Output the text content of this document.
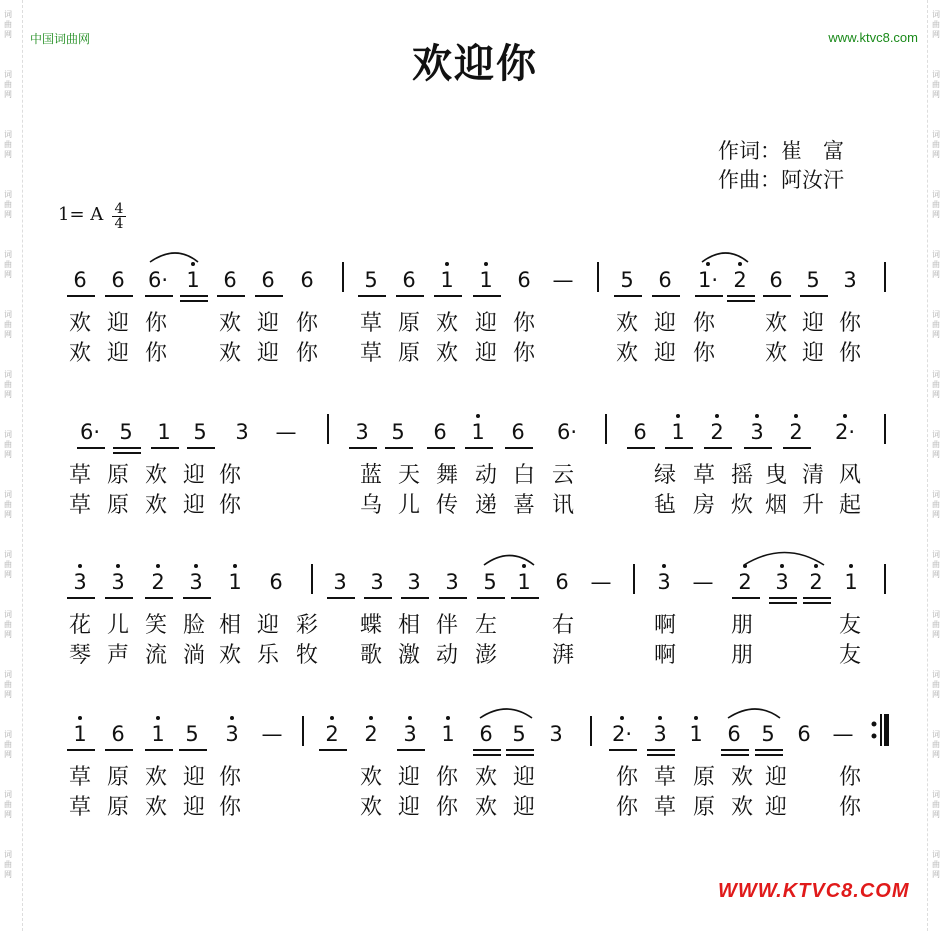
词
曲
网
词
曲
网
词
曲
网
词
曲
网
词
曲
网
词
曲
网
词
曲
网
词
曲
网
词
曲
网
词
曲
网
词
曲
网
词
曲
网
词
曲
网
词
曲
网
词
曲
网
词
曲
网
词
曲
网
词
曲
网
词
曲
网
词
曲
网
词
曲
网
词
曲
网
词
曲
网
词
曲
网
词
曲
网
词
曲
网
词
曲
网
词
曲
网
词
曲
网
词
曲
网
中国词曲网	www.ktvc8.com
欢迎你
作词：崔　富
作曲：阿汝汗
1= A $\frac{4}{4}$
6 6 6· 1 6 6 6 5 6 1 1 6 — 5 6 1· 2 6 5 3
欢 迎 你 欢 迎 你 草 原 欢 迎 你	欢 迎 你 欢 迎 你
欢 迎 你 欢 迎 你 草 原 欢 迎 你	欢 迎 你 欢 迎 你
6· 5 1 5 3 —	3 5 6 1 6 6·	6 1 2 3 2 2·
草 原 欢 迎 你	蓝 天 舞 动 白 云	绿 草 摇 曳 清 风
草 原 欢 迎 你	乌 儿 传 递 喜 讯	毡 房 炊 烟 升 起
3 3 2 3 1 6 3 3 3 3 5 1 6 — 3 — 2 3 2 1
花 儿 笑 脸 相 迎 彩 蝶 相 伴 左 右	啊 朋	友
琴 声 流 淌 欢 乐 牧 歌 激 动 澎 湃	啊 朋	友
1 6 1 5 3 — 2 2 3 1 6 5 3 2· 3 1 6 5 6 —
草 原 欢 迎 你	欢 迎 你 欢 迎	你 草 原 欢 迎 你
草 原 欢 迎 你	欢 迎 你 欢 迎	你 草 原 欢 迎 你
WWW.KTVC8.COM
